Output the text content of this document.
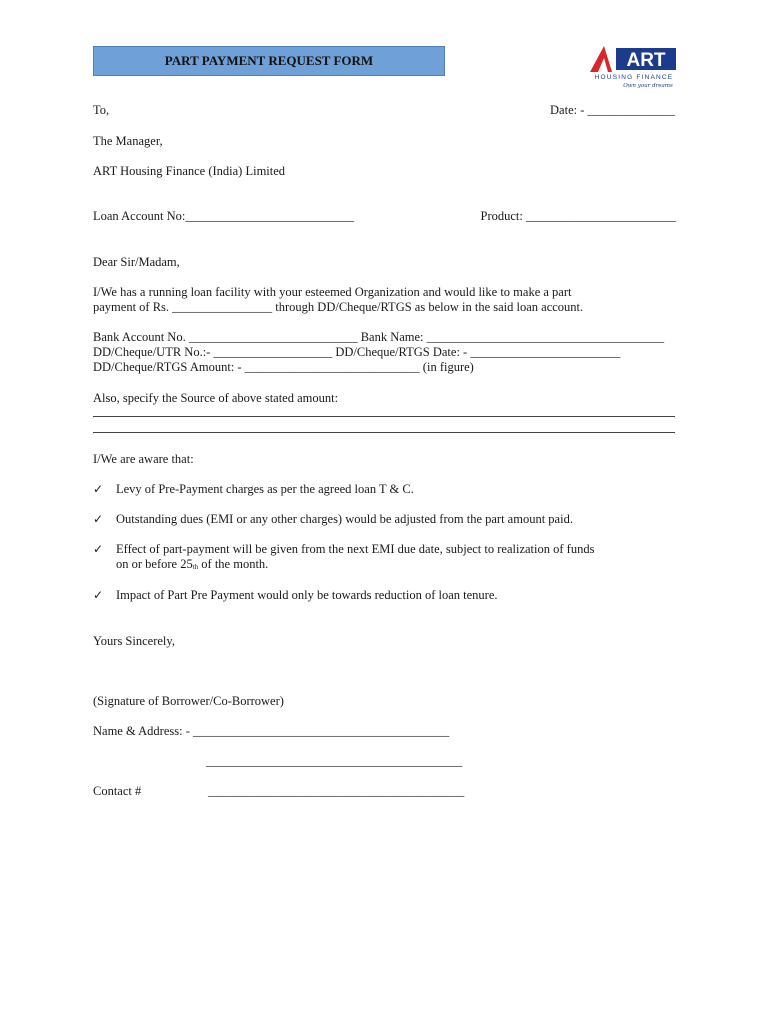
PART PAYMENT REQUEST FORM	ART
HOUSING FINANCE
Own your dreams
To,	Date: - ______________
The Manager,
ART Housing Finance (India) Limited
Loan Account No:___________________________	Product: ________________________
Dear Sir/Madam,
I/We has a running loan facility with your esteemed Organization and would like to make a part
payment of Rs. ________________ through DD/Cheque/RTGS as below in the said loan account.
Bank Account No. ___________________________ Bank Name: ______________________________________
DD/Cheque/UTR No.:- ___________________ DD/Cheque/RTGS Date: - ________________________
DD/Cheque/RTGS Amount: - ____________________________ (in figure)
Also, specify the Source of above stated amount:
I/We are aware that:
✓ Levy of Pre-Payment charges as per the agreed loan T & C.
✓ Outstanding dues (EMI or any other charges) would be adjusted from the part amount paid.
✓ Effect of part-payment will be given from the next EMI due date, subject to realization of funds
on or before $25_{th}$ of the month.
✓ Impact of Part Pre Payment would only be towards reduction of loan tenure.
Yours Sincerely,
(Signature of Borrower/Co-Borrower)
Name & Address: - _________________________________________
_________________________________________
Contact #	_________________________________________
